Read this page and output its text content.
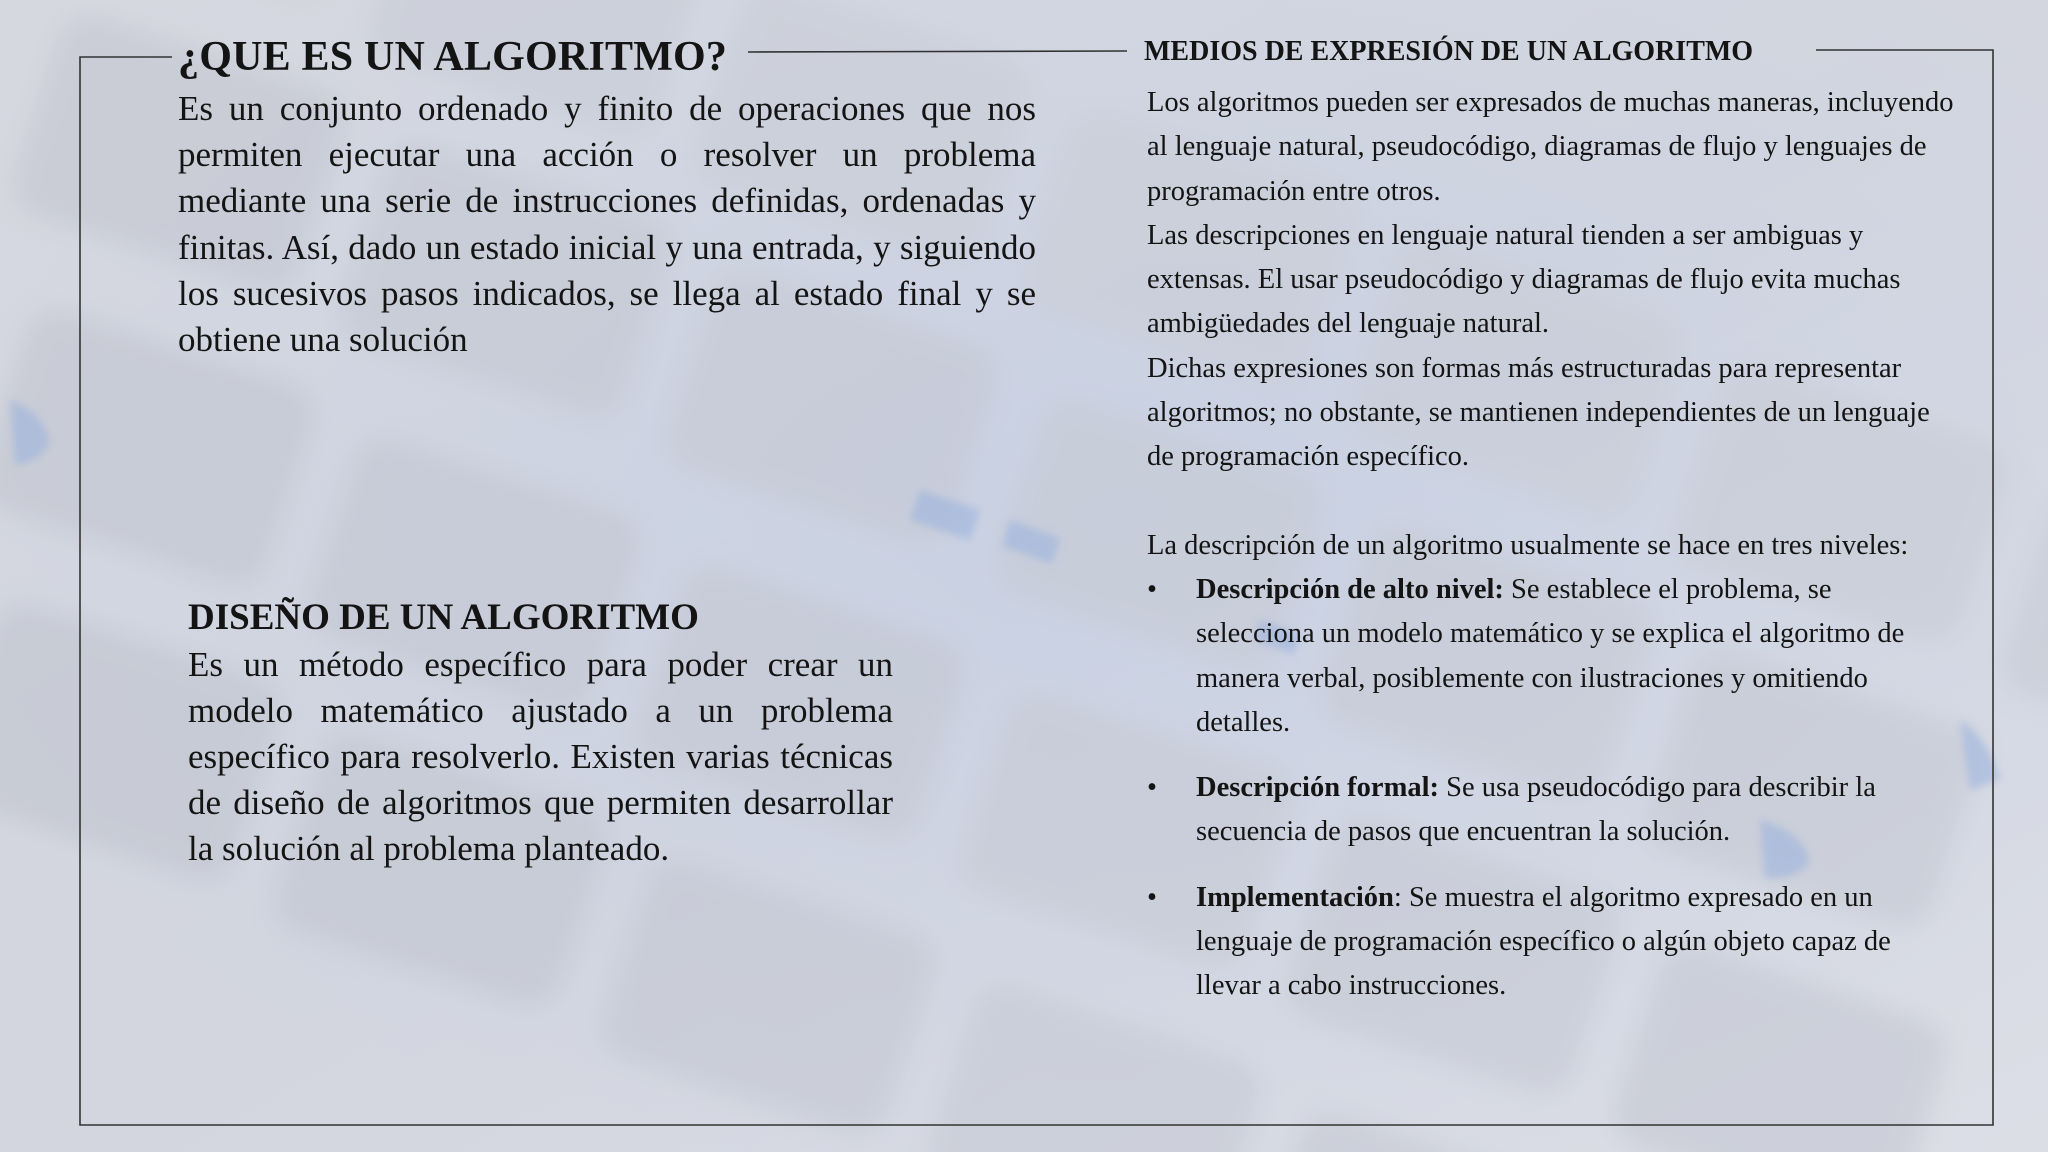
¿QUE ES UN ALGORITMO?

Es un conjunto ordenado y finito de operaciones que nos permiten ejecutar una acción o resolver un problema mediante una serie de instrucciones definidas, ordenadas y finitas. Así, dado un estado inicial y una entrada, y siguiendo los sucesivos pasos indicados, se llega al estado final y se obtiene una solución

DISEÑO DE UN ALGORITMO

Es un método específico para poder crear un modelo matemático ajustado a un problema específico para resolverlo. Existen varias técnicas de diseño de algoritmos que permiten desarrollar la solución al problema planteado.

MEDIOS DE EXPRESIÓN DE UN ALGORITMO

Los algoritmos pueden ser expresados de muchas maneras, incluyendo al lenguaje natural, pseudocódigo, diagramas de flujo y lenguajes de programación entre otros.

Las descripciones en lenguaje natural tienden a ser ambiguas y extensas. El usar pseudocódigo y diagramas de flujo evita muchas ambigüedades del lenguaje natural.

Dichas expresiones son formas más estructuradas para representar algoritmos; no obstante, se mantienen independientes de un lenguaje de programación específico.

La descripción de un algoritmo usualmente se hace en tres niveles:

• Descripción de alto nivel: Se establece el problema, se selecciona un modelo matemático y se explica el algoritmo de manera verbal, posiblemente con ilustraciones y omitiendo detalles.
• Descripción formal: Se usa pseudocódigo para describir la secuencia de pasos que encuentran la solución.
• Implementación: Se muestra el algoritmo expresado en un lenguaje de programación específico o algún objeto capaz de llevar a cabo instrucciones.
